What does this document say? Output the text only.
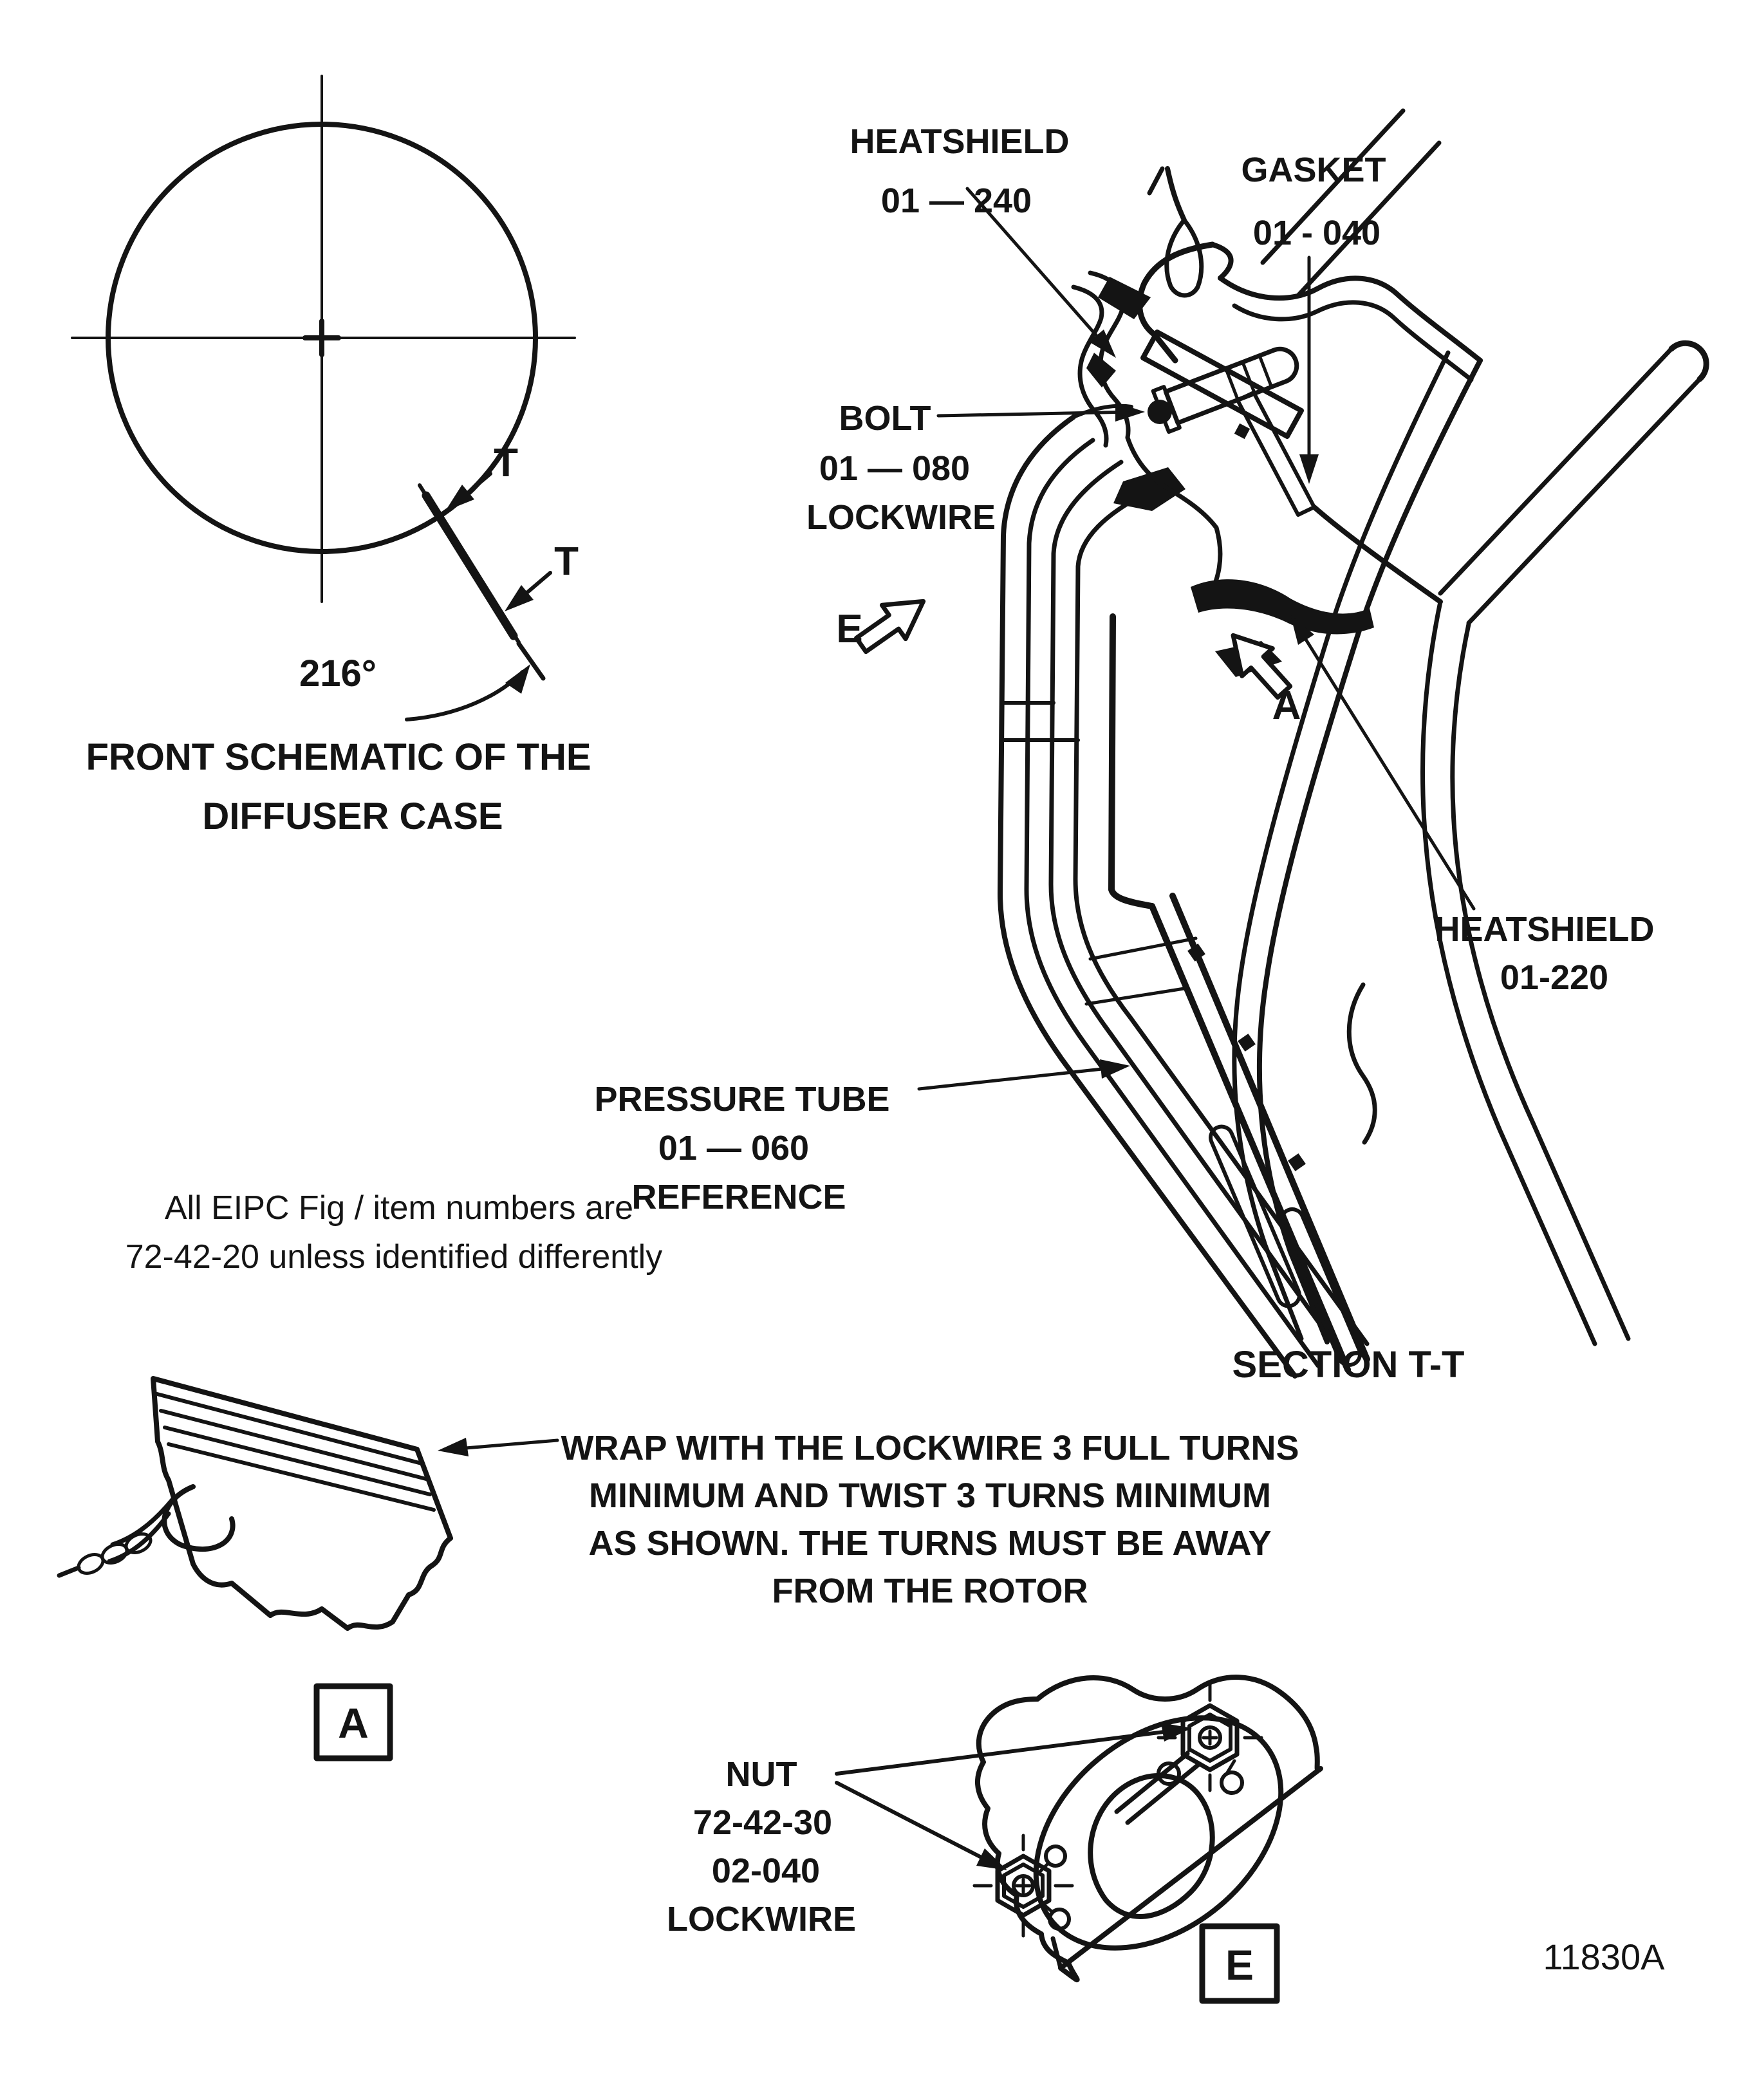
T
T
216°
FRONT SCHEMATIC OF THE
DIFFUSER CASE
HEATSHIELD
01 — 240
GASKET
01 - 040
BOLT
01 — 080
LOCKWIRE
E
A
HEATSHIELD
01-220
PRESSURE TUBE
01 — 060
REFERENCE
SECTION T-T
All EIPC Fig / item numbers are
72-42-20 unless identified differently
WRAP WITH THE LOCKWIRE 3 FULL TURNS
MINIMUM AND TWIST 3 TURNS MINIMUM
AS SHOWN. THE TURNS MUST BE AWAY
FROM THE ROTOR
A
NUT
72-42-30
02-040
LOCKWIRE
E	11830A
